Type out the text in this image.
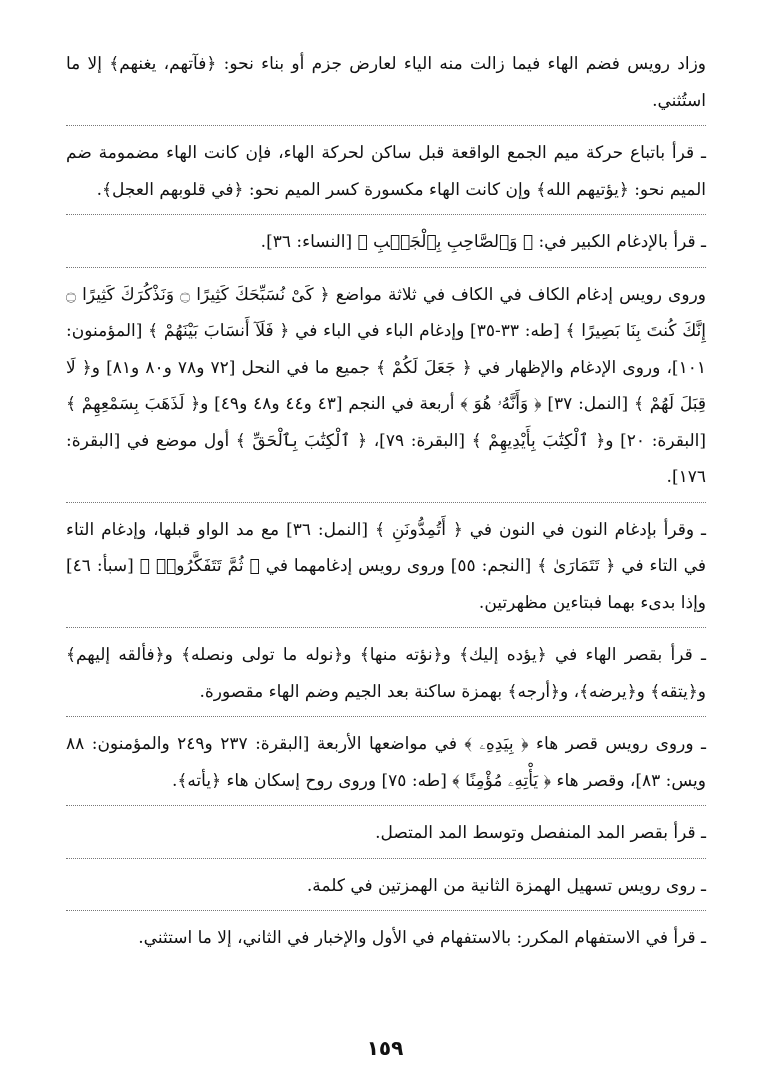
وزاد رويس فضم الهاء فيما زالت منه الياء لعارض جزم أو بناء نحو: ﴿فآتهم، يغنهم﴾ إلا ما استُثني.

ـ قرأ باتباع حركة ميم الجمع الواقعة قبل ساكن لحركة الهاء، فإن كانت الهاء مضمومة ضم الميم نحو: ﴿يؤتيهم الله﴾ وإن كانت الهاء مكسورة كسر الميم نحو: ﴿في قلوبهم العجل﴾.

ـ قرأ بالإدغام الكبير في: ﴿ وَٱلصَّاحِبِ بِٱلْجَنۢبِ ﴾ [النساء: ٣٦].

وروى رويس إدغام الكاف في الكاف في ثلاثة مواضع ﴿ كَىْ نُسَبِّحَكَ كَثِيرًا ۝ وَنَذْكُرَكَ كَثِيرًا ۝ إِنَّكَ كُنتَ بِنَا بَصِيرًا ﴾ [طه: ٣٣-٣٥] وإدغام الباء في الباء في ﴿ فَلَآ أَنسَابَ بَيْنَهُمْ ﴾ [المؤمنون: ١٠١]، وروى الإدغام والإظهار في ﴿ جَعَلَ لَكُمْ ﴾ جميع ما في النحل [٧٢ و٧٨ و٨٠ و٨١] و﴿ لَا قِبَلَ لَهُمْ ﴾ [النمل: ٣٧] ﴿ وَأَنَّهُۥ هُوَ ﴾ أربعة في النجم [٤٣ و٤٤ و٤٨ و٤٩] و﴿ لَذَهَبَ بِسَمْعِهِمْ ﴾ [البقرة: ٢٠] و﴿ ٱلْكِتَٰبَ بِأَيْدِيهِمْ ﴾ [البقرة: ٧٩]، ﴿ ٱلْكِتَٰبَ بِٱلْحَقِّ ﴾ أول موضع في [البقرة: ١٧٦].

ـ وقرأ بإدغام النون في النون في ﴿ أَتُمِدُّونَنِ ﴾ [النمل: ٣٦] مع مد الواو قبلها، وإدغام التاء في التاء في ﴿ تَتَمَارَىٰ ﴾ [النجم: ٥٥] وروى رويس إدغامهما في ﴿ ثُمَّ تَتَفَكَّرُوا۟ ﴾ [سبأ: ٤٦] وإذا بدىء بهما فبتاءين مظهرتين.

ـ قرأ بقصر الهاء في ﴿يؤده إليك﴾ و﴿نؤته منها﴾ و﴿نوله ما تولى ونصله﴾ و﴿فألقه إليهم﴾ و﴿يتقه﴾ و﴿يرضه﴾، و﴿أرجه﴾ بهمزة ساكنة بعد الجيم وضم الهاء مقصورة.

ـ وروى رويس قصر هاء ﴿ بِيَدِهِۦ ﴾ في مواضعها الأربعة [البقرة: ٢٣٧ و٢٤٩ والمؤمنون: ٨٨ ويس: ٨٣]، وقصر هاء ﴿ يَأْتِهِۦ مُؤْمِنًا ﴾ [طه: ٧٥] وروى روح إسكان هاء ﴿يأته﴾.

ـ قرأ بقصر المد المنفصل وتوسط المد المتصل.

ـ روى رويس تسهيل الهمزة الثانية من الهمزتين في كلمة.

ـ قرأ في الاستفهام المكرر: بالاستفهام في الأول والإخبار في الثاني، إلا ما استثني.

١٥٩
